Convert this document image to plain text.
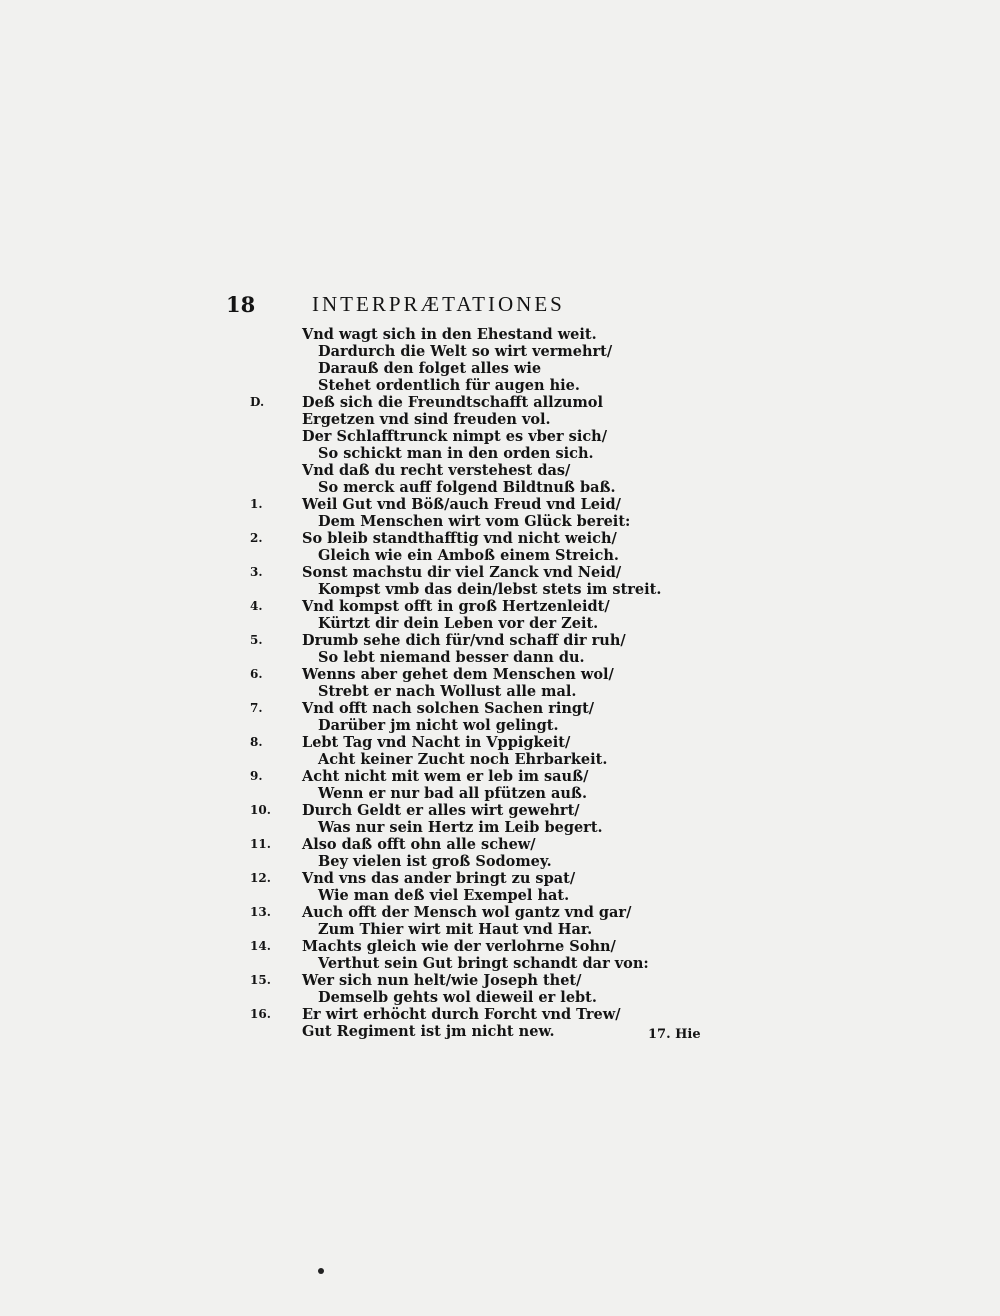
18	INTERPRÆTATIONES
Vnd wagt sich in den Ehestand weit.
Dardurch die Welt so wirt vermehrt/
Darauß den folget alles wie
Stehet ordentlich für augen hie.
D.	Deß sich die Freundtschafft allzumol
Ergetzen vnd sind freuden vol.
Der Schlafftrunck nimpt es vber sich/
So schickt man in den orden sich.
Vnd daß du recht verstehest das/
So merck auff folgend Bildtnuß baß.
1.	Weil Gut vnd Böß/auch Freud vnd Leid/
Dem Menschen wirt vom Glück bereit:
2.	So bleib standthafftig vnd nicht weich/
Gleich wie ein Amboß einem Streich.
3.	Sonst machstu dir viel Zanck vnd Neid/
Kompst vmb das dein/lebst stets im streit.
4.	Vnd kompst offt in groß Hertzenleidt/
Kürtzt dir dein Leben vor der Zeit.
5.	Drumb sehe dich für/vnd schaff dir ruh/
So lebt niemand besser dann du.
6.	Wenns aber gehet dem Menschen wol/
Strebt er nach Wollust alle mal.
7.	Vnd offt nach solchen Sachen ringt/
Darüber jm nicht wol gelingt.
8.	Lebt Tag vnd Nacht in Vppigkeit/
Acht keiner Zucht noch Ehrbarkeit.
9.	Acht nicht mit wem er leb im sauß/
Wenn er nur bad all pfützen auß.
10.	Durch Geldt er alles wirt gewehrt/
Was nur sein Hertz im Leib begert.
11.	Also daß offt ohn alle schew/
Bey vielen ist groß Sodomey.
12.	Vnd vns das ander bringt zu spat/
Wie man deß viel Exempel hat.
13.	Auch offt der Mensch wol gantz vnd gar/
Zum Thier wirt mit Haut vnd Har.
14.	Machts gleich wie der verlohrne Sohn/
Verthut sein Gut bringt schandt dar von:
15.	Wer sich nun helt/wie Joseph thet/
Demselb gehts wol dieweil er lebt.
16.	Er wirt erhöcht durch Forcht vnd Trew/
Gut Regiment ist jm nicht new.	17. Hie
